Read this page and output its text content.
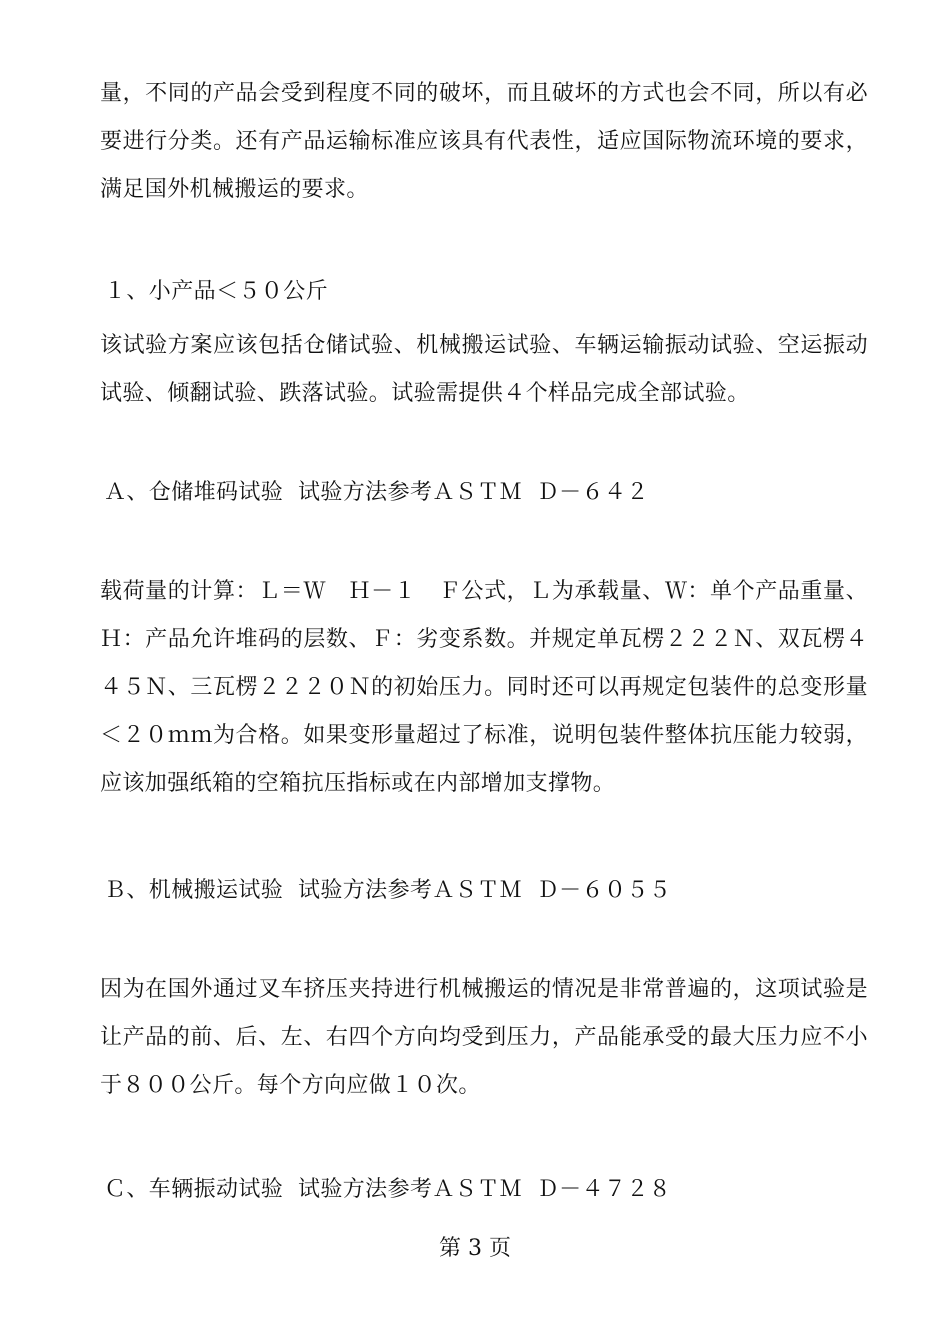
量，不同的产品会受到程度不同的破坏，而且破坏的方式也会不同，所以有必要进行分类。还有产品运输标准应该具有代表性，适应国际物流环境的要求，满足国外机械搬运的要求。

１、小产品＜５０公斤

该试验方案应该包括仓储试验、机械搬运试验、车辆运输振动试验、空运振动试验、倾翻试验、跌落试验。试验需提供４个样品完成全部试验。

Ａ、仓储堆码试验  试验方法参考ＡＳＴＭ  Ｄ－６４２

载荷量的计算：Ｌ＝Ｗ　Ｈ－１　Ｆ公式，Ｌ为承载量、Ｗ：单个产品重量、Ｈ：产品允许堆码的层数、Ｆ：劣变系数。并规定单瓦楞２２２Ｎ、双瓦楞４４５Ｎ、三瓦楞２２２０Ｎ的初始压力。同时还可以再规定包装件的总变形量＜２０ｍｍ为合格。如果变形量超过了标准，说明包装件整体抗压能力较弱，应该加强纸箱的空箱抗压指标或在内部增加支撑物。

Ｂ、机械搬运试验  试验方法参考ＡＳＴＭ  Ｄ－６０５５

因为在国外通过叉车挤压夹持进行机械搬运的情况是非常普遍的，这项试验是让产品的前、后、左、右四个方向均受到压力，产品能承受的最大压力应不小于８００公斤。每个方向应做１０次。

Ｃ、车辆振动试验  试验方法参考ＡＳＴＭ  Ｄ－４７２８

第 3 页
